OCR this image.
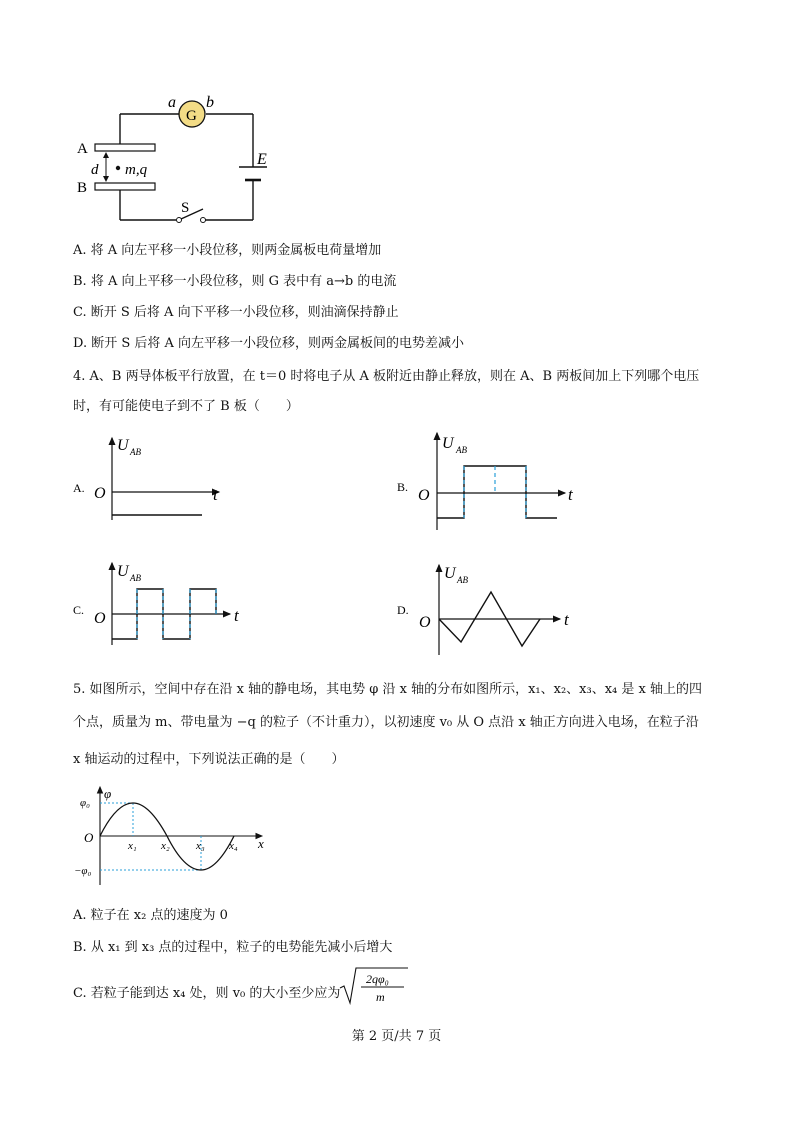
a b
G
A
B
d m,q
E
S
A. 将 A 向左平移一小段位移，则两金属板电荷量增加
B. 将 A 向上平移一小段位移，则 G 表中有 a→b 的电流
C. 断开 S 后将 A 向下平移一小段位移，则油滴保持静止
D. 断开 S 后将 A 向左平移一小段位移，则两金属板间的电势差减小
4. A、B 两导体板平行放置，在 t＝0 时将电子从 A 板附近由静止释放，则在 A、B 两板间加上下列哪个电压
时，有可能使电子到不了 B 板（　　）
A. O	t
U AB
B. O	t
U AB
C. O	t
U AB
D.
O	t
U AB
5. 如图所示，空间中存在沿 x 轴的静电场，其电势 φ 沿 x 轴的分布如图所示，x₁、x₂、x₃、x₄ 是 x 轴上的四
个点，质量为 m、带电量为 −q 的粒子（不计重力），以初速度 v₀ 从 O 点沿 x 轴正方向进入电场，在粒子沿
x 轴运动的过程中，下列说法正确的是（　　）
φ
φ₀
−φ₀
O	x
x₁ x₂ x₃ x₄
A. 粒子在 x₂ 点的速度为 0
B. 从 x₁ 到 x₃ 点的过程中，粒子的电势能先减小后增大
C. 若粒子能到达 x₄ 处，则 v₀ 的大小至少应为
2qφ₀
m
第 2 页/共 7 页
